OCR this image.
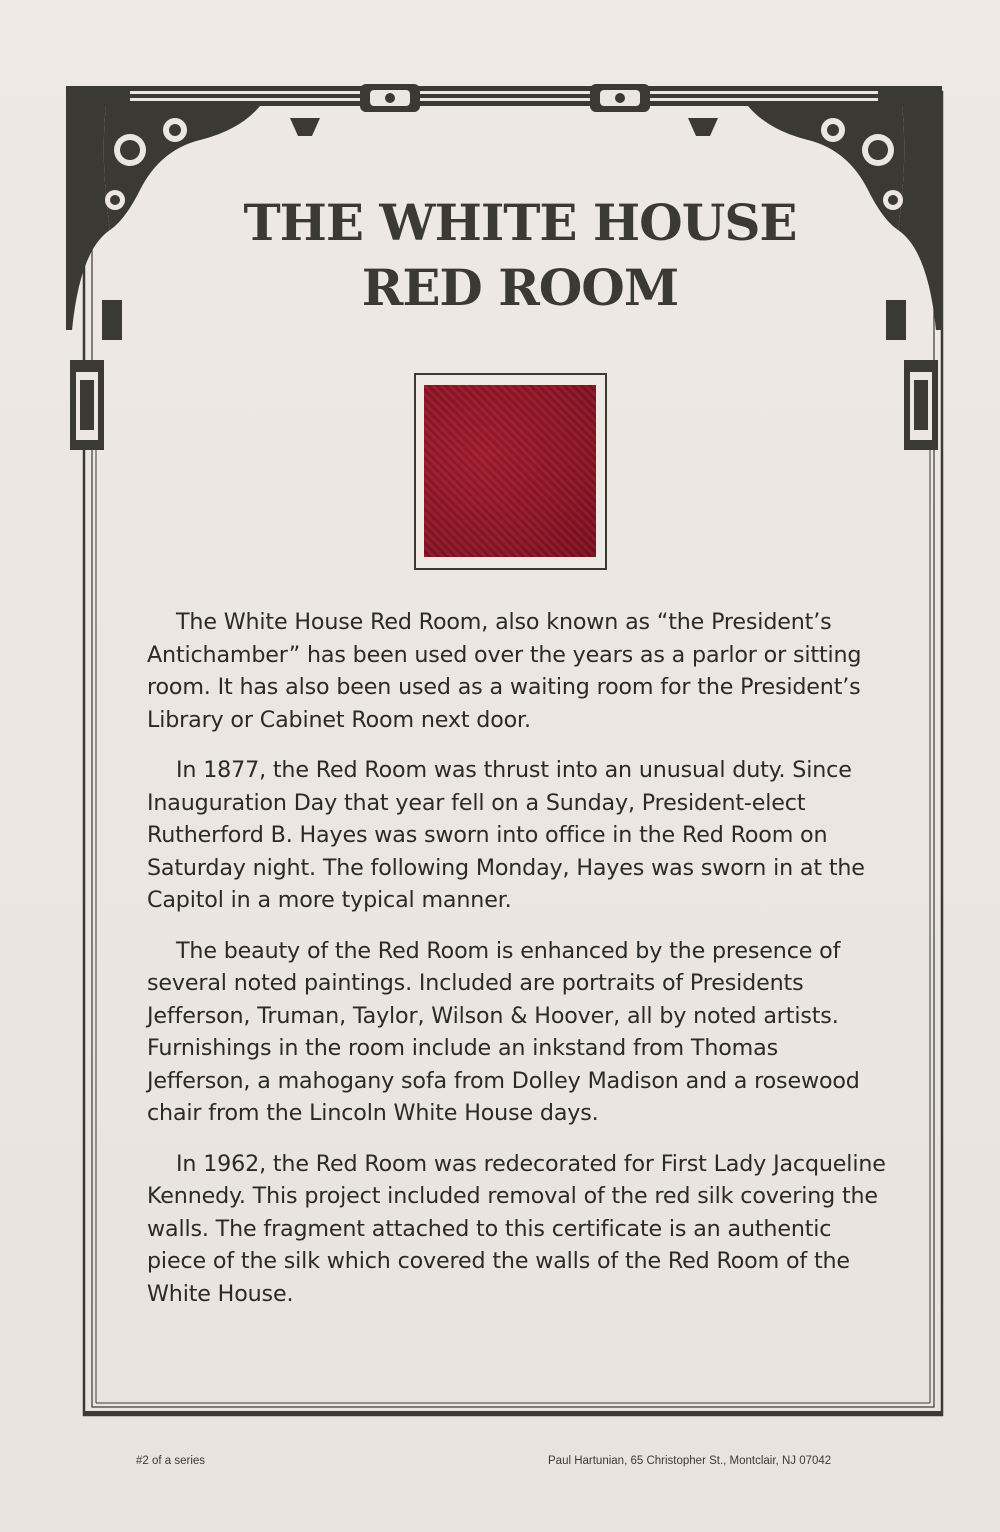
THE WHITE HOUSE
RED ROOM

The White House Red Room, also known as “the President’s Antichamber” has been used over the years as a parlor or sitting room. It has also been used as a waiting room for the President’s Library or Cabinet Room next door.

In 1877, the Red Room was thrust into an unusual duty. Since Inauguration Day that year fell on a Sunday, President-elect Rutherford B. Hayes was sworn into office in the Red Room on Saturday night. The following Monday, Hayes was sworn in at the Capitol in a more typical manner.

The beauty of the Red Room is enhanced by the presence of several noted paintings. Included are portraits of Presidents Jefferson, Truman, Taylor, Wilson & Hoover, all by noted artists. Furnishings in the room include an inkstand from Thomas Jefferson, a mahogany sofa from Dolley Madison and a rosewood chair from the Lincoln White House days.

In 1962, the Red Room was redecorated for First Lady Jacqueline Kennedy. This project included removal of the red silk covering the walls. The fragment attached to this certificate is an authentic piece of the silk which covered the walls of the Red Room of the White House.

#2 of a series	Paul Hartunian, 65 Christopher St., Montclair, NJ 07042
